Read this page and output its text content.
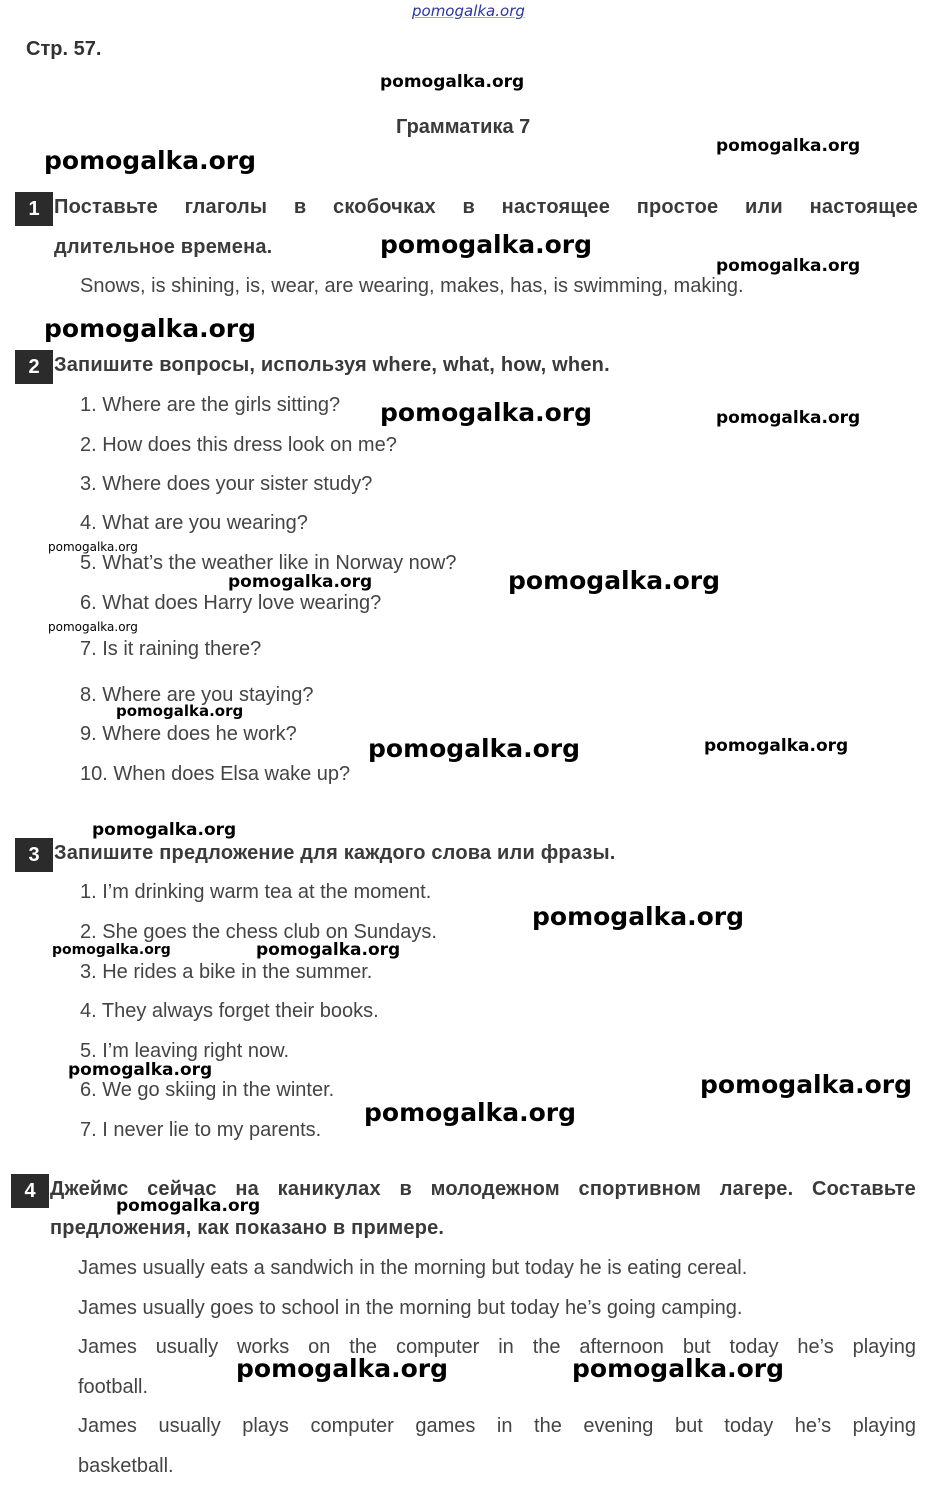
pomogalka.org
Стр. 57.
Грамматика 7
1 Поставьте глаголы в скобочках в настоящее простое или настоящее
длительное времена.
Snows, is shining, is, wear, are wearing, makes, has, is swimming, making.
2 Запишите вопросы, используя where, what, how, when.
1. Where are the girls sitting?
2. How does this dress look on me?
3. Where does your sister study?
4. What are you wearing?
5. What’s the weather like in Norway now?
6. What does Harry love wearing?
7. Is it raining there?
8. Where are you staying?
9. Where does he work?
10. When does Elsa wake up?
3 Запишите предложение для каждого слова или фразы.
1. I’m drinking warm tea at the moment.
2. She goes the chess club on Sundays.
3. He rides a bike in the summer.
4. They always forget their books.
5. I’m leaving right now.
6. We go skiing in the winter.
7. I never lie to my parents.
4 Джеймс сейчас на каникулах в молодежном спортивном лагере. Составьте
предложения, как показано в примере.
James usually eats a sandwich in the morning but today he is eating cereal.
James usually goes to school in the morning but today he’s going camping.
James usually works on the computer in the afternoon but today he’s playing
football.
James usually plays computer games in the evening but today he’s playing
basketball.
pomogalka.org
pomogalka.org	pomogalka.org
pomogalka.org
pomogalka.org
pomogalka.org
pomogalka.org	pomogalka.org
pomogalka.org
pomogalka.org	pomogalka.org
pomogalka.org
pomogalka.org
pomogalka.org	pomogalka.org
pomogalka.org
pomogalka.org
pomogalka.org	pomogalka.org
pomogalka.org	pomogalka.org
pomogalka.org
pomogalka.org
pomogalka.org	pomogalka.org
